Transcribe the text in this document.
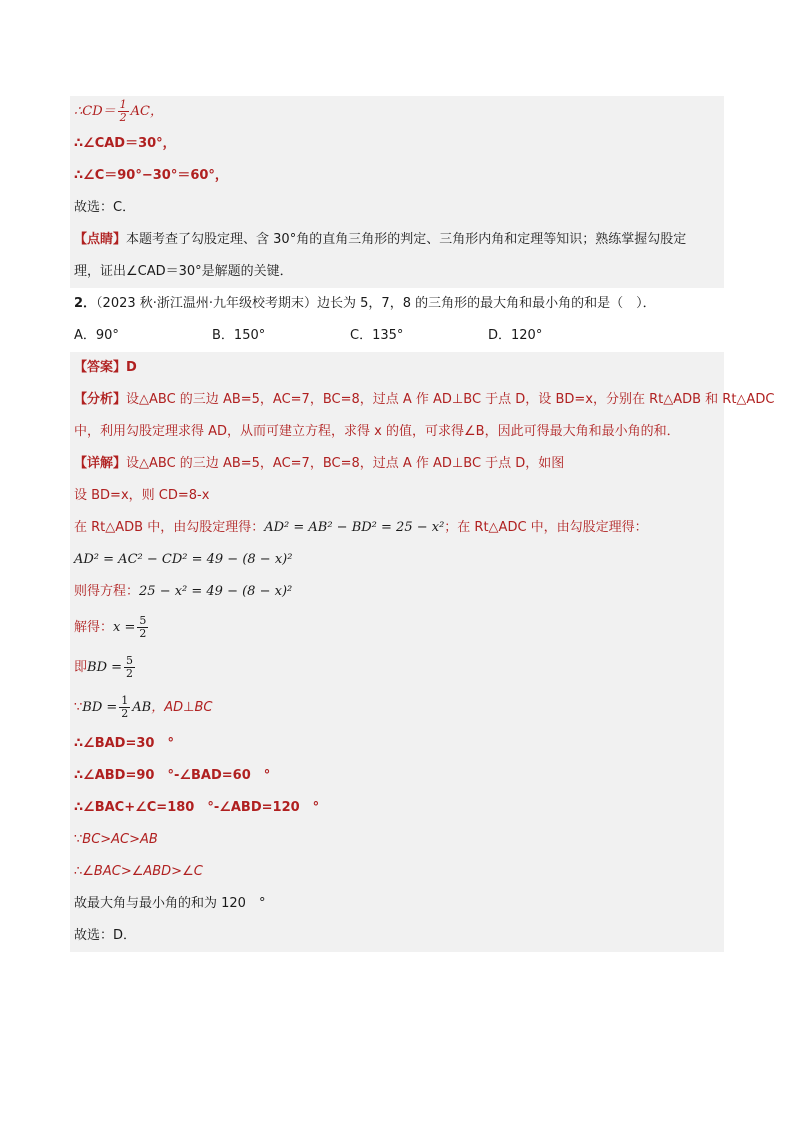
∴CD＝ $\frac{1}{2}$ AC，
∴∠CAD＝30°，
∴∠C＝90°−30°＝60°，
故选：C．
【点睛】本题考查了勾股定理、含 30°角的直角三角形的判定、三角形内角和定理等知识；熟练掌握勾股定
理，证出∠CAD＝30°是解题的关键．
2．（2023 秋·浙江温州·九年级校考期末）边长为 5，7，8 的三角形的最大角和最小角的和是（　）．
A．90°	B．150°	C．135°	D．120°
【答案】D
【分析】设△ABC 的三边 AB=5，AC=7，BC=8，过点 A 作 AD⊥BC 于点 D，设 BD=x，分别在 Rt△ADB 和 Rt△ADC
中，利用勾股定理求得 AD，从而可建立方程，求得 x 的值，可求得∠B，因此可得最大角和最小角的和．
【详解】设△ABC 的三边 AB=5，AC=7，BC=8，过点 A 作 AD⊥BC 于点 D，如图
设 BD=x，则 CD=8-x
在 Rt△ADB 中，由勾股定理得：AD² = AB² − BD² = 25 − x²；在 Rt△ADC 中，由勾股定理得：
AD² = AC² − CD² = 49 − (8 − x)²
则得方程：25 − x² = 49 − (8 − x)²
解得：$x = \frac{5}{2}$
即BD = $\frac{5}{2}$
∵BD = $\frac{1}{2}$ AB，AD⊥BC
∴∠BAD=30　°
∴∠ABD=90　°-∠BAD=60　°
∴∠BAC+∠C=180　°-∠ABD=120　°
∵BC>AC>AB
∴∠BAC>∠ABD>∠C
故最大角与最小角的和为 120　°
故选：D．
